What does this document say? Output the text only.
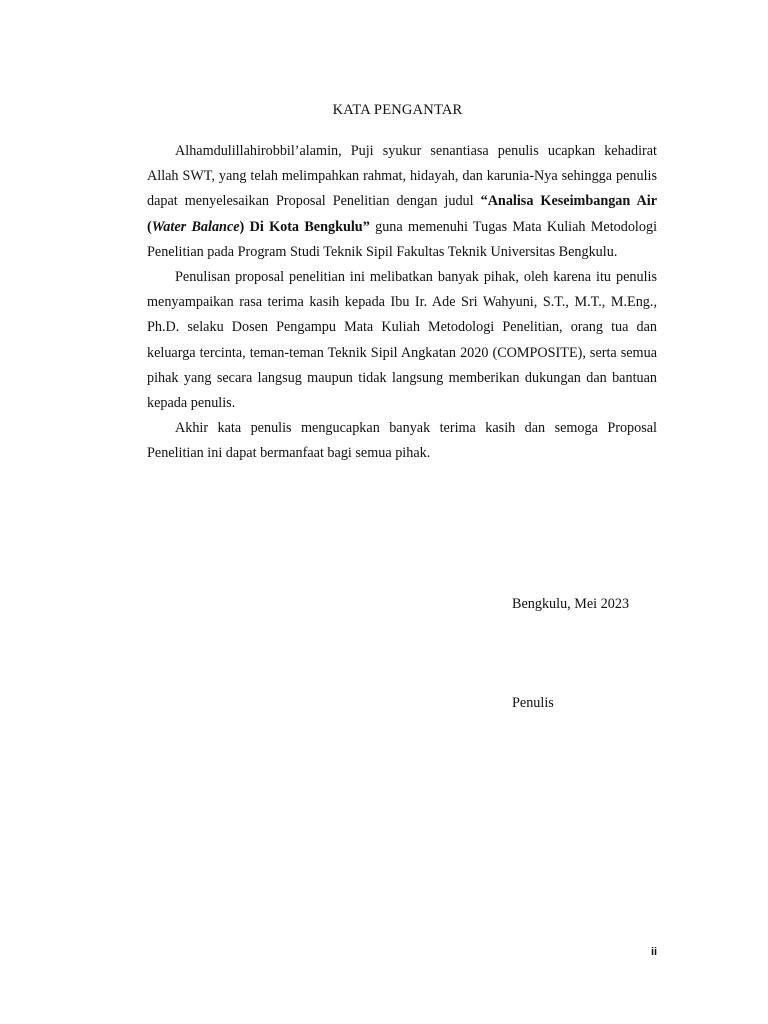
KATA PENGANTAR

Alhamdulillahirobbil’alamin, Puji syukur senantiasa penulis ucapkan kehadirat Allah SWT, yang telah melimpahkan rahmat, hidayah, dan karunia-Nya sehingga penulis dapat menyelesaikan Proposal Penelitian dengan judul “Analisa Keseimbangan Air (Water Balance) Di Kota Bengkulu” guna memenuhi Tugas Mata Kuliah Metodologi Penelitian pada Program Studi Teknik Sipil Fakultas Teknik Universitas Bengkulu.

Penulisan proposal penelitian ini melibatkan banyak pihak, oleh karena itu penulis menyampaikan rasa terima kasih kepada Ibu Ir. Ade Sri Wahyuni, S.T., M.T., M.Eng., Ph.D. selaku Dosen Pengampu Mata Kuliah Metodologi Penelitian, orang tua dan keluarga tercinta, teman-teman Teknik Sipil Angkatan 2020 (COMPOSITE), serta semua pihak yang secara langsug maupun tidak langsung memberikan dukungan dan bantuan kepada penulis.

Akhir kata penulis mengucapkan banyak terima kasih dan semoga Proposal Penelitian ini dapat bermanfaat bagi semua pihak.

Bengkulu, Mei 2023
Penulis
ii
